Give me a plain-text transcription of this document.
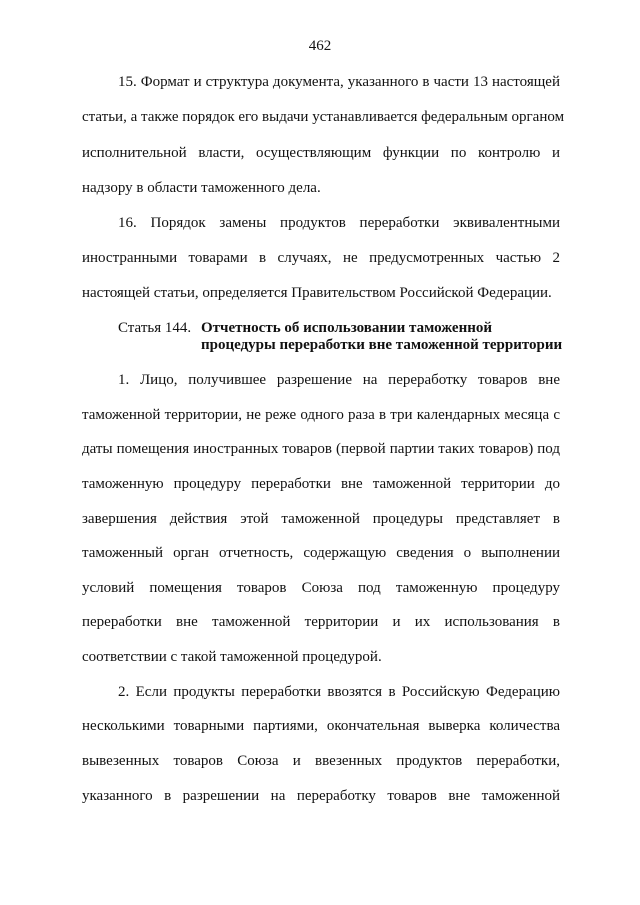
462
15. Формат и структура документа, указанного в части 13 настоящей
статьи, а также порядок его выдачи устанавливается федеральным органом
исполнительной власти, осуществляющим функции по контролю и
надзору в области таможенного дела.
16. Порядок замены продуктов переработки эквивалентными
иностранными товарами в случаях, не предусмотренных частью 2
настоящей статьи, определяется Правительством Российской Федерации.
Статья 144. Отчетность об использовании таможенной
процедуры переработки вне таможенной территории
1. Лицо, получившее разрешение на переработку товаров вне
таможенной территории, не реже одного раза в три календарных месяца с
даты помещения иностранных товаров (первой партии таких товаров) под
таможенную процедуру переработки вне таможенной территории до
завершения действия этой таможенной процедуры представляет в
таможенный орган отчетность, содержащую сведения о выполнении
условий помещения товаров Союза под таможенную процедуру
переработки вне таможенной территории и их использования в
соответствии с такой таможенной процедурой.
2. Если продукты переработки ввозятся в Российскую Федерацию
несколькими товарными партиями, окончательная выверка количества
вывезенных товаров Союза и ввезенных продуктов переработки,
указанного в разрешении на переработку товаров вне таможенной
